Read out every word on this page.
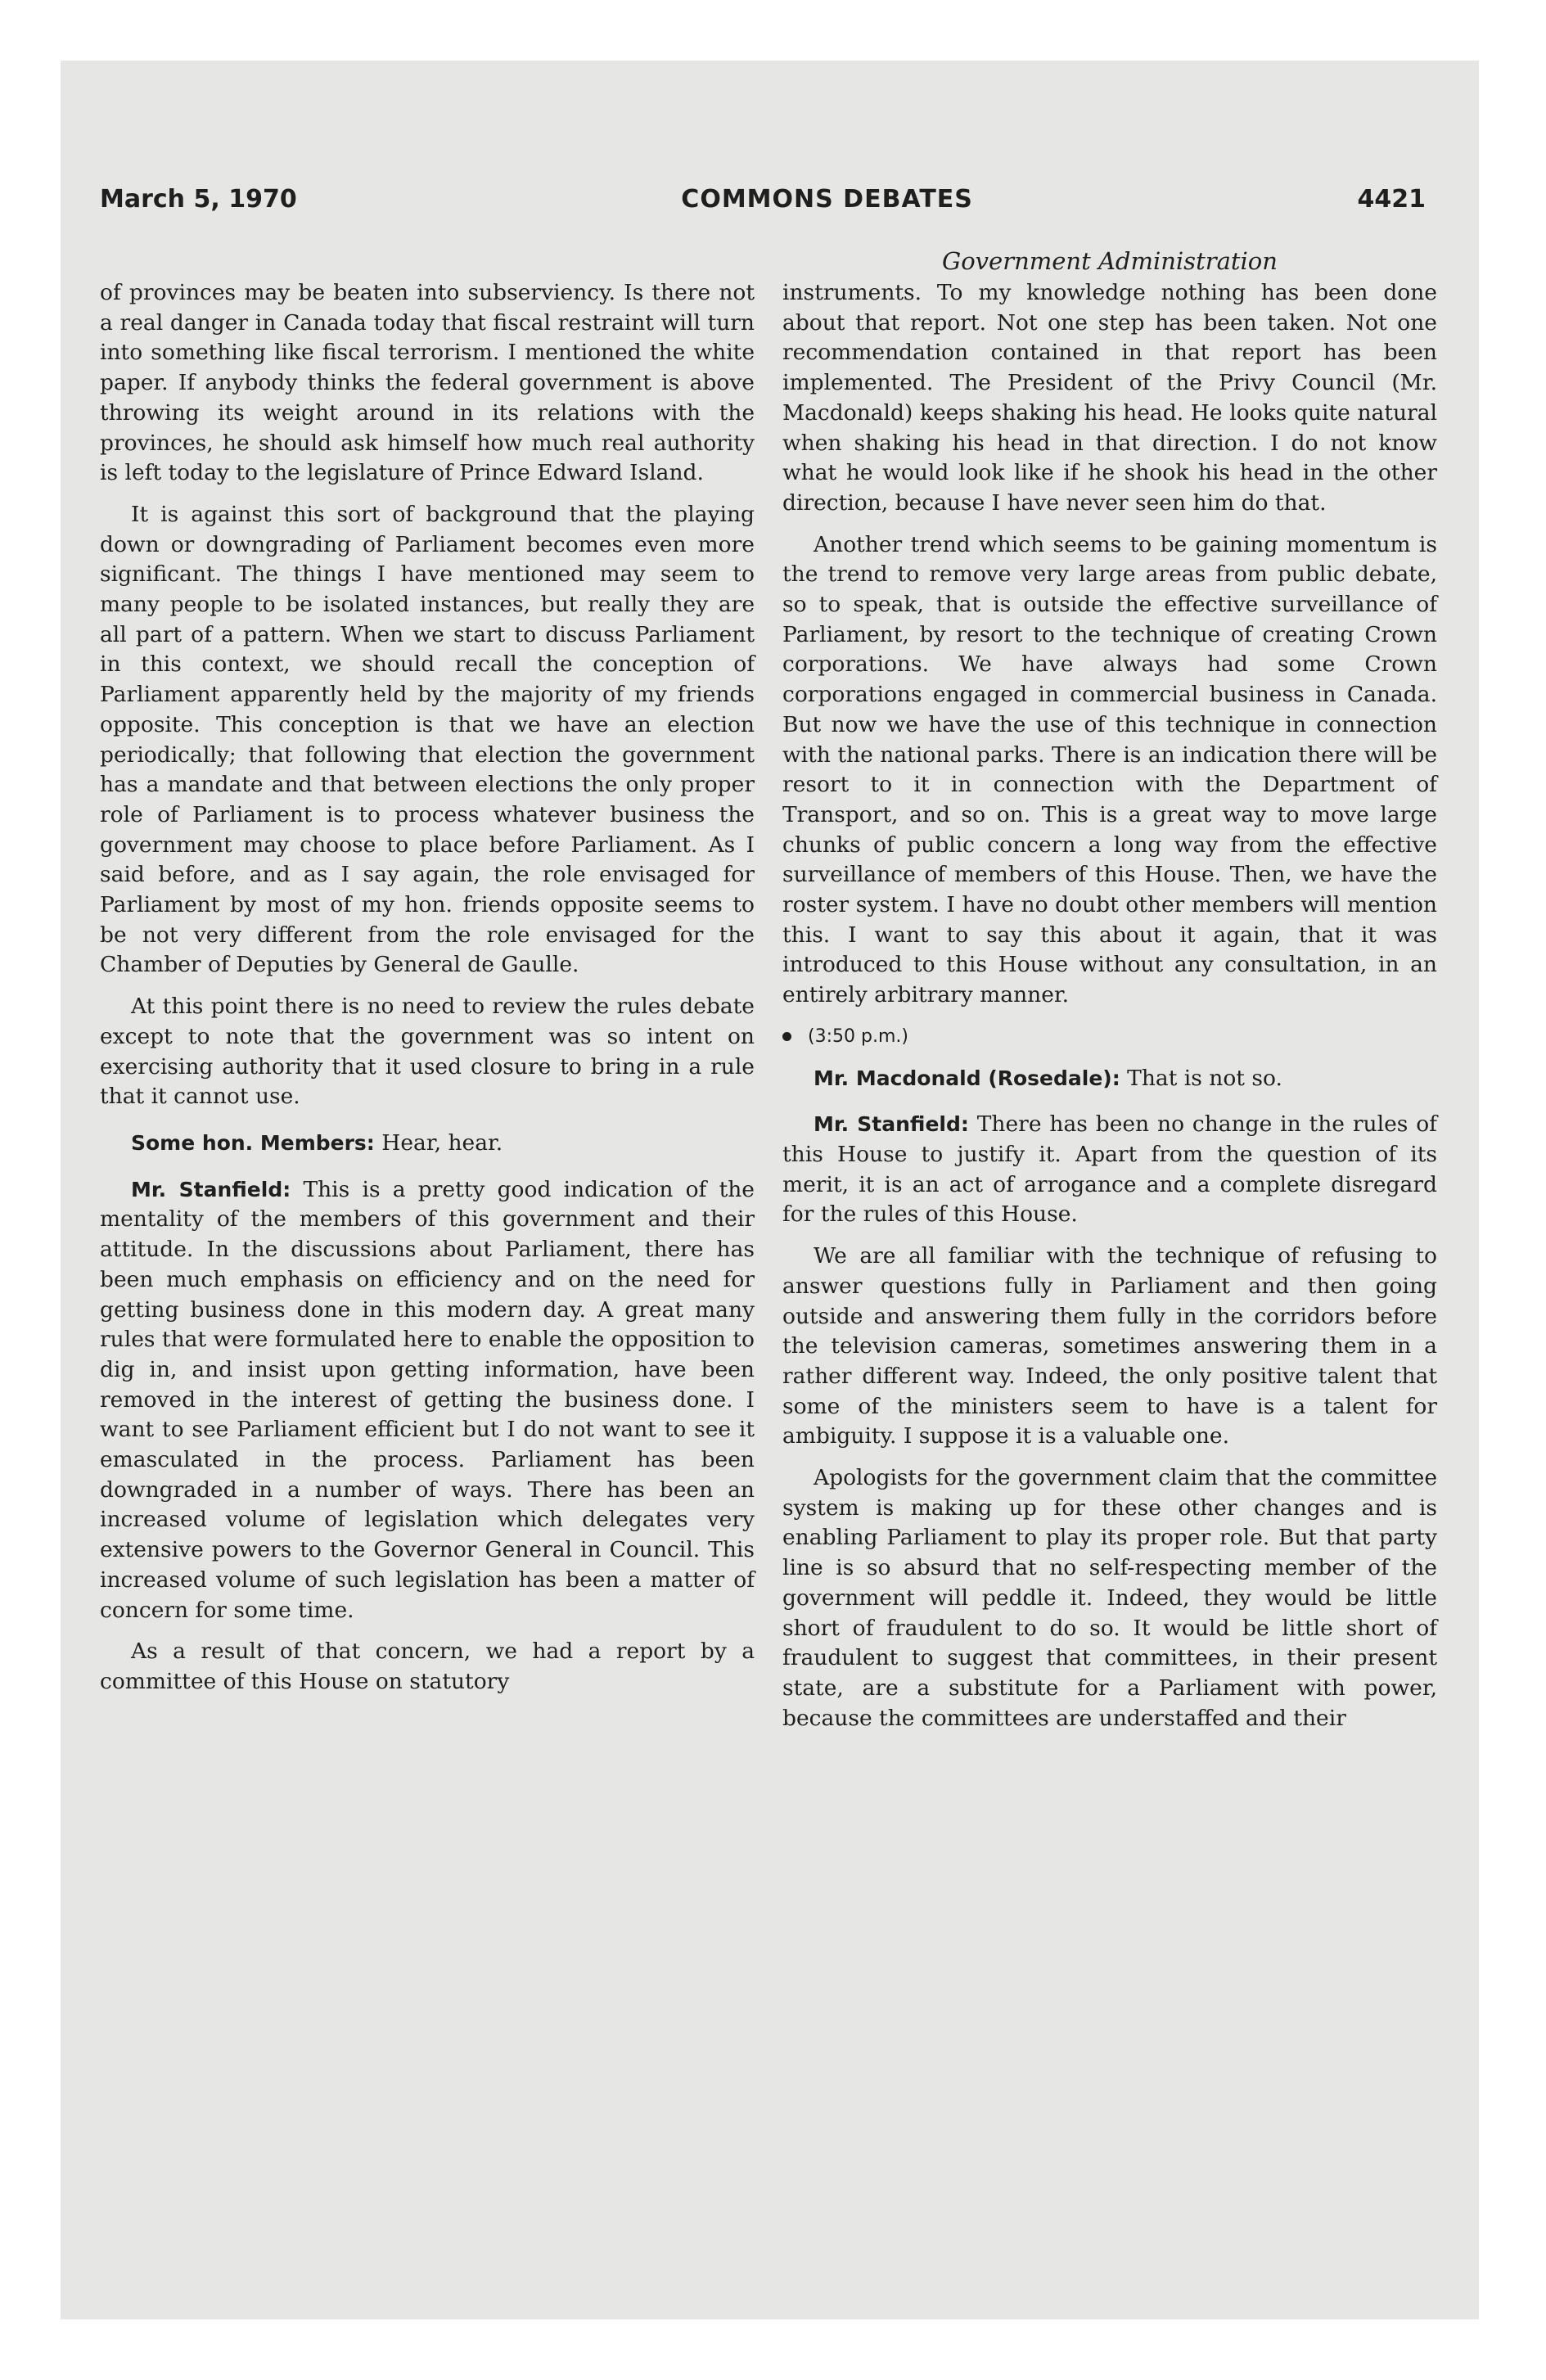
March 5, 1970	COMMONS DEBATES	4421

of provinces may be beaten into subserviency. Is there not a real danger in Canada today that fiscal restraint will turn into something like fiscal terrorism. I mentioned the white paper. If anybody thinks the federal government is above throwing its weight around in its relations with the provinces, he should ask himself how much real authority is left today to the legislature of Prince Edward Island.

It is against this sort of background that the playing down or downgrading of Parliament becomes even more significant. The things I have mentioned may seem to many people to be isolated instances, but really they are all part of a pattern. When we start to discuss Parliament in this context, we should recall the conception of Parliament apparently held by the majority of my friends opposite. This conception is that we have an election periodically; that following that election the government has a mandate and that between elections the only proper role of Parliament is to process whatever business the government may choose to place before Parliament. As I said before, and as I say again, the role envisaged for Parliament by most of my hon. friends opposite seems to be not very different from the role envisaged for the Chamber of Deputies by General de Gaulle.

At this point there is no need to review the rules debate except to note that the government was so intent on exercising authority that it used closure to bring in a rule that it cannot use.

Some hon. Members: Hear, hear.

Mr. Stanfield: This is a pretty good indication of the mentality of the members of this government and their attitude. In the discussions about Parliament, there has been much emphasis on efficiency and on the need for getting business done in this modern day. A great many rules that were formulated here to enable the opposition to dig in, and insist upon getting information, have been removed in the interest of getting the business done. I want to see Parliament efficient but I do not want to see it emasculated in the process. Parliament has been downgraded in a number of ways. There has been an increased volume of legislation which delegates very extensive powers to the Governor General in Council. This increased volume of such legislation has been a matter of concern for some time.

As a result of that concern, we had a report by a committee of this House on statutory

Government Administration

instruments. To my knowledge nothing has been done about that report. Not one step has been taken. Not one recommendation contained in that report has been implemented. The President of the Privy Council (Mr. Macdonald) keeps shaking his head. He looks quite natural when shaking his head in that direction. I do not know what he would look like if he shook his head in the other direction, because I have never seen him do that.

Another trend which seems to be gaining momentum is the trend to remove very large areas from public debate, so to speak, that is outside the effective surveillance of Parliament, by resort to the technique of creating Crown corporations. We have always had some Crown corporations engaged in commercial business in Canada. But now we have the use of this technique in connection with the national parks. There is an indication there will be resort to it in connection with the Department of Transport, and so on. This is a great way to move large chunks of public concern a long way from the effective surveillance of members of this House. Then, we have the roster system. I have no doubt other members will mention this. I want to say this about it again, that it was introduced to this House without any consultation, in an entirely arbitrary manner.

(3:50 p.m.)

Mr. Macdonald (Rosedale): That is not so.

Mr. Stanfield: There has been no change in the rules of this House to justify it. Apart from the question of its merit, it is an act of arrogance and a complete disregard for the rules of this House.

We are all familiar with the technique of refusing to answer questions fully in Parliament and then going outside and answering them fully in the corridors before the television cameras, sometimes answering them in a rather different way. Indeed, the only positive talent that some of the ministers seem to have is a talent for ambiguity. I suppose it is a valuable one.

Apologists for the government claim that the committee system is making up for these other changes and is enabling Parliament to play its proper role. But that party line is so absurd that no self-respecting member of the government will peddle it. Indeed, they would be little short of fraudulent to do so. It would be little short of fraudulent to suggest that committees, in their present state, are a substitute for a Parliament with power, because the committees are understaffed and their
